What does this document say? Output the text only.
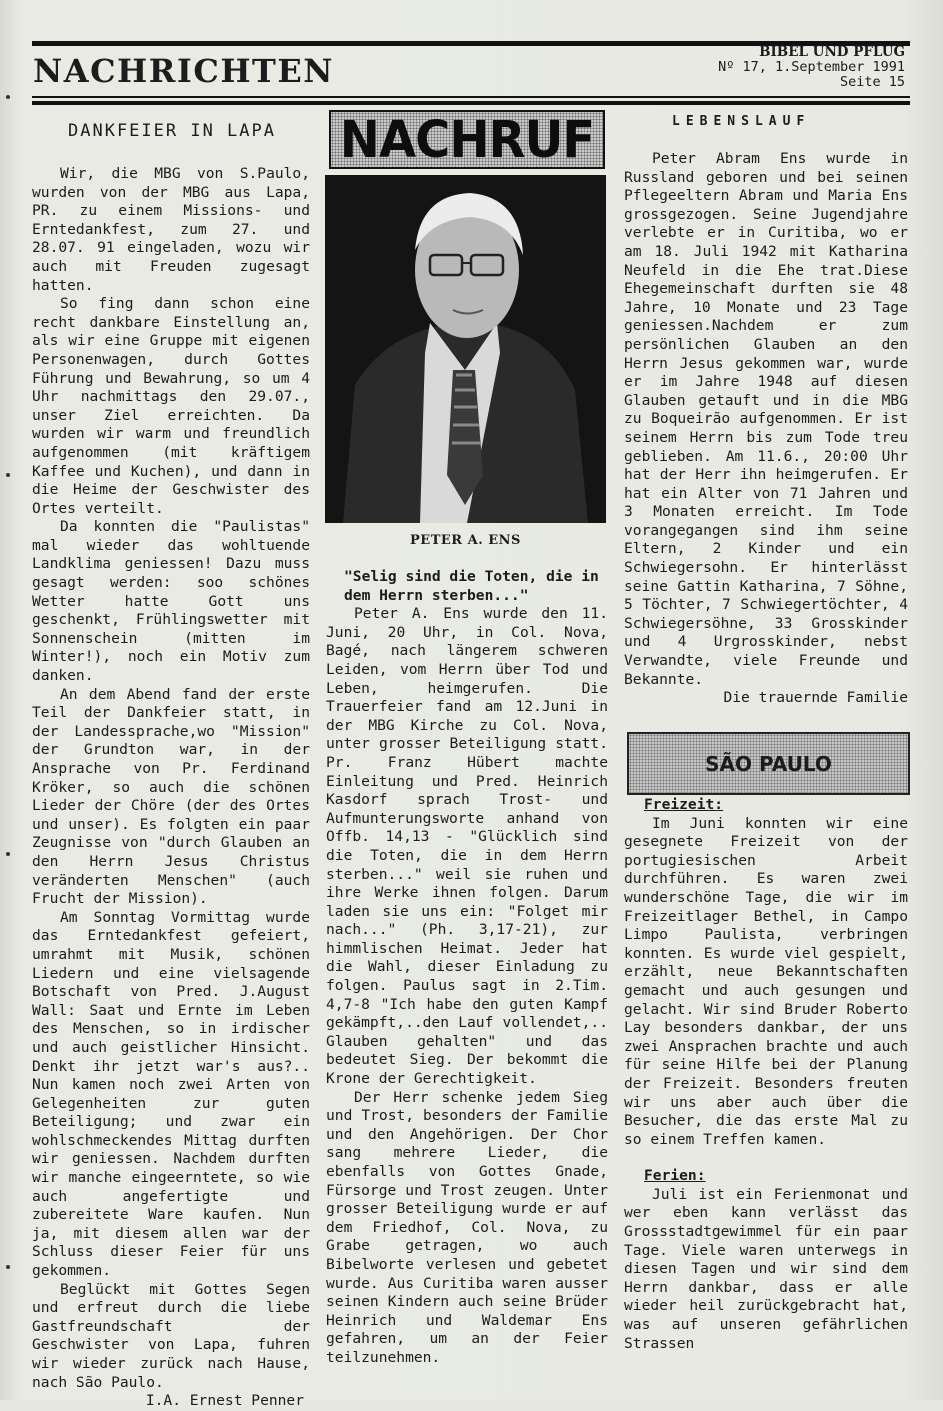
NACHRICHTEN	BIBEL UND PFLUG
Nº 17, 1.September 1991
Seite 15
DANKFEIER IN LAPA

Wir, die MBG von S.Paulo, wurden von der MBG aus Lapa, PR. zu einem Missions- und Erntedankfest, zum 27. und 28.07. 91 eingeladen, wozu wir auch mit Freuden zugesagt hatten.

So fing dann schon eine recht dankbare Einstellung an, als wir eine Gruppe mit eigenen Personenwagen, durch Gottes Führung und Bewahrung, so um 4 Uhr nachmittags den 29.07., unser Ziel erreichten. Da wurden wir warm und freundlich aufgenommen (mit kräftigem Kaffee und Kuchen), und dann in die Heime der Geschwister des Ortes verteilt.

Da konnten die "Paulistas" mal wieder das wohltuende Landklima geniessen! Dazu muss gesagt werden: soo schönes Wetter hatte Gott uns geschenkt, Frühlingswetter mit Sonnenschein (mitten im Winter!), noch ein Motiv zum danken.

An dem Abend fand der erste Teil der Dankfeier statt, in der Landessprache,wo "Mission" der Grundton war, in der Ansprache von Pr. Ferdinand Kröker, so auch die schönen Lieder der Chöre (der des Ortes und unser). Es folgten ein paar Zeugnisse von "durch Glauben an den Herrn Jesus Christus veränderten Menschen" (auch Frucht der Mission).

Am Sonntag Vormittag wurde das Erntedankfest gefeiert, umrahmt mit Musik, schönen Liedern und eine vielsagende Botschaft von Pred. J.August Wall: Saat und Ernte im Leben des Menschen, so in irdischer und auch geistlicher Hinsicht. Denkt ihr jetzt war's aus?.. Nun kamen noch zwei Arten von Gelegenheiten zur guten Beteiligung; und zwar ein wohlschmeckendes Mittag durften wir geniessen. Nachdem durften wir manche eingeerntete, so wie auch angefertigte und zubereitete Ware kaufen. Nun ja, mit diesem allen war der Schluss dieser Feier für uns gekommen.

Beglückt mit Gottes Segen und erfreut durch die liebe Gastfreundschaft der Geschwister von Lapa, fuhren wir wieder zurück nach Hause, nach São Paulo.

I.A. Ernest Penner

NACHRUF
PETER A. ENS

"Selig sind die Toten, die in dem Herrn sterben..."

Peter A. Ens wurde den 11. Juni, 20 Uhr, in Col. Nova, Bagé, nach längerem schweren Leiden, vom Herrn über Tod und Leben, heimgerufen. Die Trauerfeier fand am 12.Juni in der MBG Kirche zu Col. Nova, unter grosser Beteiligung statt. Pr. Franz Hübert machte Einleitung und Pred. Heinrich Kasdorf sprach Trost- und Aufmunterungsworte anhand von Offb. 14,13 - "Glücklich sind die Toten, die in dem Herrn sterben..." weil sie ruhen und ihre Werke ihnen folgen. Darum laden sie uns ein: "Folget mir nach..." (Ph. 3,17-21), zur himmlischen Heimat. Jeder hat die Wahl, dieser Einladung zu folgen. Paulus sagt in 2.Tim. 4,7-8 "Ich habe den guten Kampf gekämpft,..den Lauf vollendet,.. Glauben gehalten" und das bedeutet Sieg. Der bekommt die Krone der Gerechtigkeit.

Der Herr schenke jedem Sieg und Trost, besonders der Familie und den Angehörigen. Der Chor sang mehrere Lieder, die ebenfalls von Gottes Gnade, Fürsorge und Trost zeugen. Unter grosser Beteiligung wurde er auf dem Friedhof, Col. Nova, zu Grabe getragen, wo auch Bibelworte verlesen und gebetet wurde. Aus Curitiba waren ausser seinen Kindern auch seine Brüder Heinrich und Waldemar Ens gefahren, um an der Feier teilzunehmen.

LEBENSLAUF

Peter Abram Ens wurde in Russland geboren und bei seinen Pflegeeltern Abram und Maria Ens grossgezogen. Seine Jugendjahre verlebte er in Curitiba, wo er am 18. Juli 1942 mit Katharina Neufeld in die Ehe trat.Diese Ehegemeinschaft durften sie 48 Jahre, 10 Monate und 23 Tage geniessen.Nachdem er zum persönlichen Glauben an den Herrn Jesus gekommen war, wurde er im Jahre 1948 auf diesen Glauben getauft und in die MBG zu Boqueirão aufgenommen. Er ist seinem Herrn bis zum Tode treu geblieben. Am 11.6., 20:00 Uhr hat der Herr ihn heimgerufen. Er hat ein Alter von 71 Jahren und 3 Monaten erreicht. Im Tode vorangegangen sind ihm seine Eltern, 2 Kinder und ein Schwiegersohn. Er hinterlässt seine Gattin Katharina, 7 Söhne, 5 Töchter, 7 Schwiegertöchter, 4 Schwiegersöhne, 33 Grosskinder und 4 Urgrosskinder, nebst Verwandte, viele Freunde und Bekannte.

Die trauernde Familie

SÃO PAULO

Freizeit:

Im Juni konnten wir eine gesegnete Freizeit von der portugiesischen Arbeit durchführen. Es waren zwei wunderschöne Tage, die wir im Freizeitlager Bethel, in Campo Limpo Paulista, verbringen konnten. Es wurde viel gespielt, erzählt, neue Bekanntschaften gemacht und auch gesungen und gelacht. Wir sind Bruder Roberto Lay besonders dankbar, der uns zwei Ansprachen brachte und auch für seine Hilfe bei der Planung der Freizeit. Besonders freuten wir uns aber auch über die Besucher, die das erste Mal zu so einem Treffen kamen.

Ferien:

Juli ist ein Ferienmonat und wer eben kann verlässt das Grossstadtgewimmel für ein paar Tage. Viele waren unterwegs in diesen Tagen und wir sind dem Herrn dankbar, dass er alle wieder heil zurückgebracht hat, was auf unseren gefährlichen Strassen
